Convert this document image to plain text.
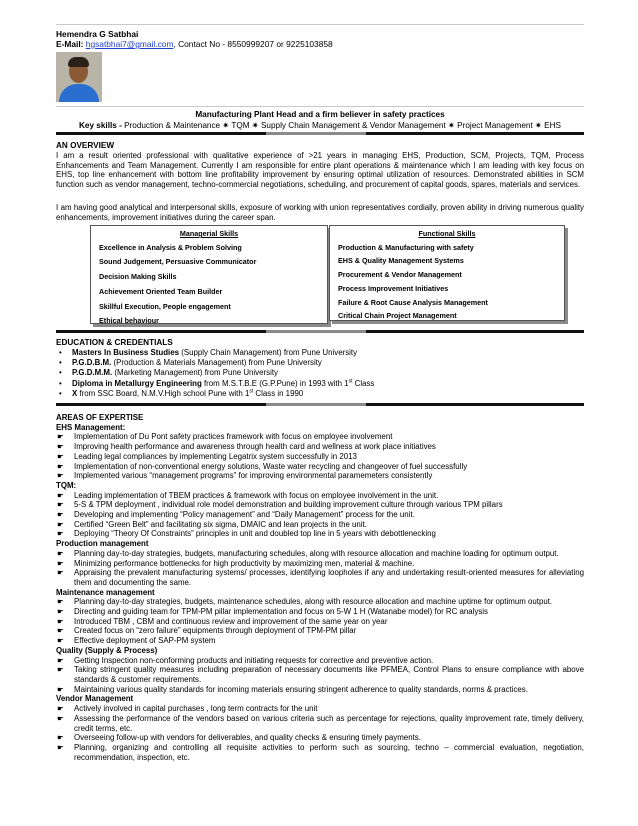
Hemendra G Satbhai
E-Mail: hgsatbhai7@gmail.com, Contact No - 8550999207 or 9225103858
Manufacturing Plant Head and a firm believer in safety practices
Key skills - Production & Maintenance ✷ TQM ✷ Supply Chain Management & Vendor Management ✷ Project Management ✷ EHS
AN OVERVIEW
I am a result oriented professional with qualitative experience of >21 years in managing EHS, Production, SCM, Projects, TQM, Process Enhancements and Team Management. Currently I am responsible for entire plant operations & maintenance which I am leading with key focus on EHS, top line enhancement with bottom line profitability improvement by ensuring optimal utilization of resources. Demonstrated abilities in SCM function such as vendor management, techno-commercial negotiations, scheduling, and procurement of capital goods, spares, materials and services.
I am having good analytical and interpersonal skills, exposure of working with union representatives cordially, proven ability in driving numerous quality enhancements, improvement initiatives during the career span.
Managerial Skills
Excellence in Analysis & Problem Solving
Sound Judgement, Persuasive Communicator
Decision Making Skills
Achievement Oriented Team Builder
Skillful Execution, People engagement
Ethical behaviour
Functional Skills
Production & Manufacturing with safety
EHS & Quality Management Systems
Procurement & Vendor Management
Process Improvement Initiatives
Failure & Root Cause Analysis Management
Critical Chain Project Management
EDUCATION & CREDENTIALS
• Masters In Business Studies (Supply Chain Management) from Pune University
• P.G.D.B.M. (Production & Materials Management) from Pune University
• P.G.D.M.M. (Marketing Management) from Pune University
• Diploma in Metallurgy Engineering from M.S.T.B.E (G.P.Pune) in 1993 with 1st Class
• X from SSC Board, N.M.V.High school Pune with 1st Class in 1990
AREAS OF EXPERTISE
EHS Management:
☛ Implementation of Du Pont safety practices framework with focus on employee involvement
☛ Improving health performance and awareness through health card and wellness at work place initiatives
☛ Leading legal compliances by implementing Legatrix system successfully in 2013
☛ Implementation of non-conventional energy solutions, Waste water recycling and changeover of fuel successfully
☛ Implemented various “management programs” for improving environmental paramemeters consistently
TQM:
☛ Leading implementation of TBEM practices & framework with focus on employee involvement in the unit.
☛ 5-S & TPM deployment , individual role model demonstration and building improvement culture through various TPM pillars
☛ Developing and implementing “Policy management” and “Daily Management” process for the unit.
☛ Certified “Green Belt” and facilitating six sigma, DMAIC and lean projects in the unit.
☛ Deploying “Theory Of Constraints” principles in unit and doubled top line in 5 years with debottlenecking
Production management
☛ Planning day-to-day strategies, budgets, manufacturing schedules, along with resource allocation and machine loading for optimum output.
☛ Minimizing performance bottlenecks for high productivity by maximizing men, material & machine.
☛ Appraising the prevalent manufacturing systems/ processes, identifying loopholes if any and undertaking result-oriented measures for alleviating them and documenting the same.
Maintenance management
☛ Planning day-to-day strategies, budgets, maintenance schedules, along with resource allocation and machine uptime for optimum output.
☛ Directing and guiding team for TPM-PM pillar implementation and focus on 5-W 1 H (Watanabe model) for RC analysis
☛ Introduced TBM , CBM and continuous review and improvement of the same year on year
☛ Created focus on “zero failure” equipments through deployment of TPM-PM pillar
☛ Effective deployment of SAP-PM system
Quality (Supply & Process)
☛ Getting Inspection non-conforming products and initiating requests for corrective and preventive action.
☛ Taking stringent quality measures including preparation of necessary documents like PFMEA, Control Plans to ensure compliance with above standards & customer requirements.
☛ Maintaining various quality standards for incoming materials ensuring stringent adherence to quality standards, norms & practices.
Vendor Management
☛ Actively involved in capital purchases , long term contracts for the unit
☛ Assessing the performance of the vendors based on various criteria such as percentage for rejections, quality improvement rate, timely delivery, credit terms, etc.
☛ Overseeing follow-up with vendors for deliverables, and quality checks & ensuring timely payments.
☛ Planning, organizing and controlling all requisite activities to perform such as sourcing, techno – commercial evaluation, negotiation, recommendation, inspection, etc.
